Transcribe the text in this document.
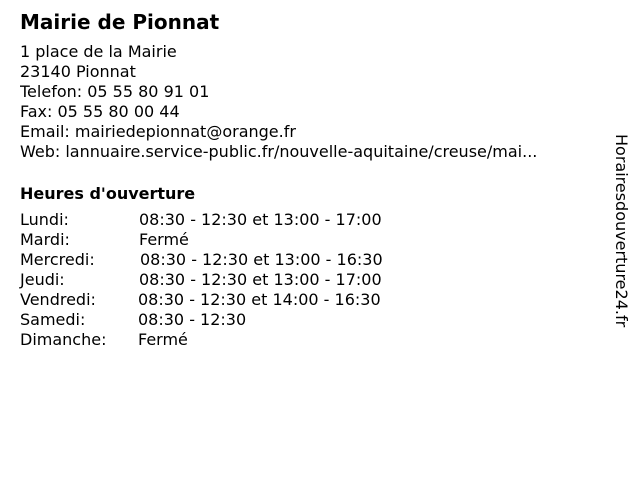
Mairie de Pionnat
1 place de la Mairie
23140 Pionnat
Telefon: 05 55 80 91 01
Fax: 05 55 80 00 44
Email: mairiedepionnat@orange.fr
Web: lannuaire.service-public.fr/nouvelle-aquitaine/creuse/mai...
Heures d'ouverture
Lundi:	08:30 - 12:30 et 13:00 - 17:00
Mardi:	Fermé
Mercredi:	08:30 - 12:30 et 13:00 - 16:30
Jeudi:	08:30 - 12:30 et 13:00 - 17:00
Vendredi:	08:30 - 12:30 et 14:00 - 16:30
Samedi:	08:30 - 12:30
Dimanche: Fermé
Horairesdouverture24.fr
